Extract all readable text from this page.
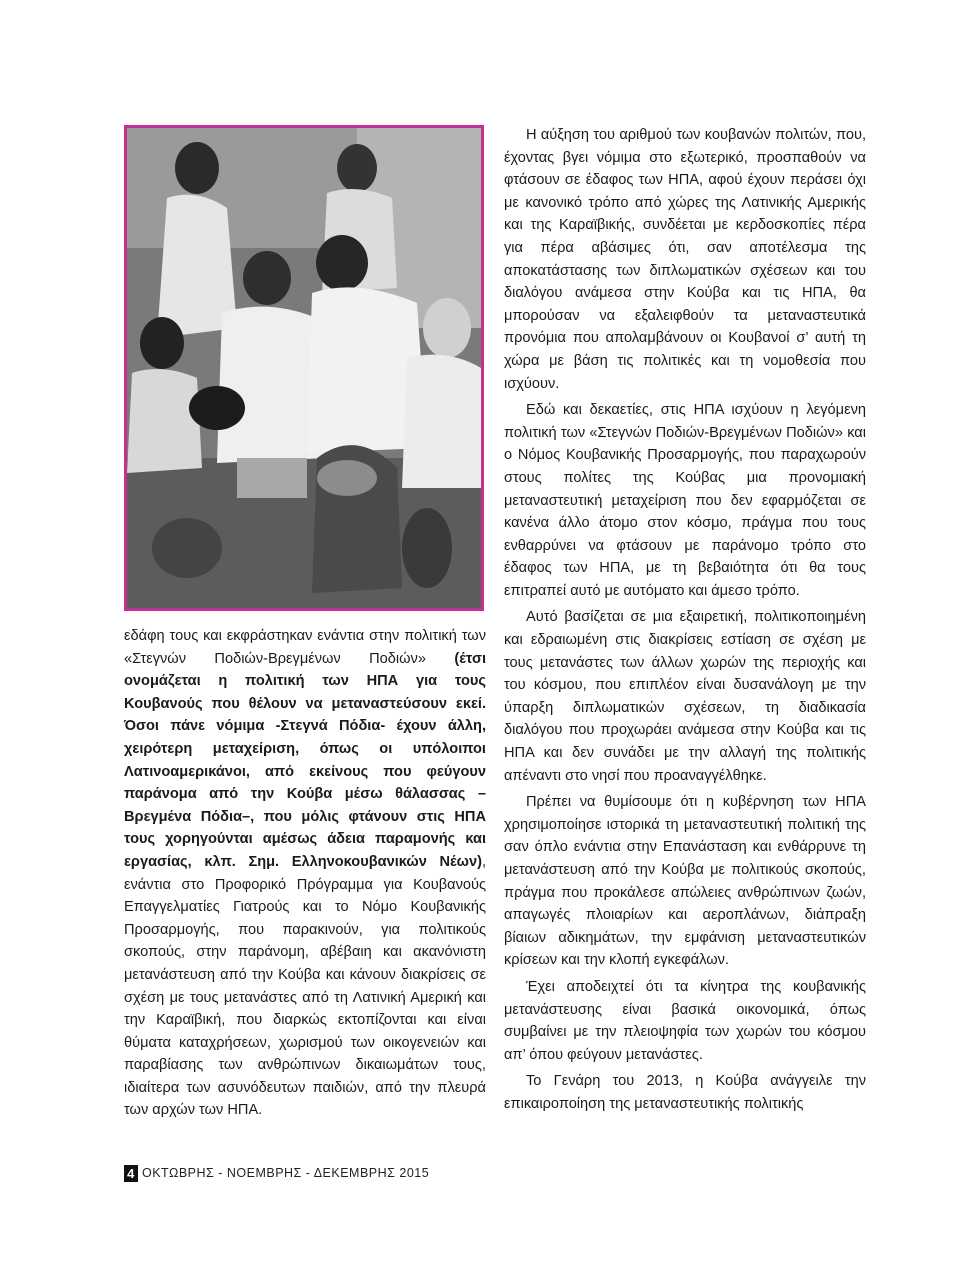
εδάφη τους και εκφράστηκαν ενάντια στην πολιτική των «Στεγνών Ποδιών-Βρεγμένων Ποδιών» (έτσι ονομάζεται η πολιτική των ΗΠΑ για τους Κουβανούς που θέλουν να μεταναστεύσουν εκεί. Όσοι πάνε νόμιμα -Στεγνά Πόδια- έχουν άλλη, χειρότερη μεταχείριση, όπως οι υπόλοιποι Λατινοαμερικάνοι, από εκείνους που φεύγουν παράνομα από την Κούβα μέσω θάλασσας –Βρεγμένα Πόδια–, που μόλις φτάνουν στις ΗΠΑ τους χορηγούνται αμέσως άδεια παραμονής και εργασίας, κλπ. Σημ. Ελληνοκουβανικών Νέων), ενάντια στο Προφορικό Πρόγραμμα για Κουβανούς Επαγγελματίες Γιατρούς και το Νόμο Κουβανικής Προσαρμογής, που παρακινούν, για πολιτικούς σκοπούς, στην παράνομη, αβέβαιη και ακανόνιστη μετανάστευση από την Κούβα και κάνουν διακρίσεις σε σχέση με τους μετανάστες από τη Λατινική Αμερική και την Καραϊβική, που διαρκώς εκτοπίζονται και είναι θύματα καταχρήσεων, χωρισμού των οικογενειών και παραβίασης των ανθρώπινων δικαιωμάτων τους, ιδιαίτερα των ασυνόδευτων παιδιών, από την πλευρά των αρχών των ΗΠΑ.

Η αύξηση του αριθμού των κουβανών πολιτών, που, έχοντας βγει νόμιμα στο εξωτερικό, προσπαθούν να φτάσουν σε έδαφος των ΗΠΑ, αφού έχουν περάσει όχι με κανονικό τρόπο από χώρες της Λατινικής Αμερικής και της Καραϊβικής, συνδέεται με κερδοσκοπίες πέρα για πέρα αβάσιμες ότι, σαν αποτέλεσμα της αποκατάστασης των διπλωματικών σχέσεων και του διαλόγου ανάμεσα στην Κούβα και τις ΗΠΑ, θα μπορούσαν να εξαλειφθούν τα μεταναστευτικά προνόμια που απολαμβάνουν οι Κουβανοί σ’ αυτή τη χώρα με βάση τις πολιτικές και τη νομοθεσία που ισχύουν.

Εδώ και δεκαετίες, στις ΗΠΑ ισχύουν η λεγόμενη πολιτική των «Στεγνών Ποδιών-Βρεγμένων Ποδιών» και ο Νόμος Κουβανικής Προσαρμογής, που παραχωρούν στους πολίτες της Κούβας μια προνομιακή μεταναστευτική μεταχείριση που δεν εφαρμόζεται σε κανένα άλλο άτομο στον κόσμο, πράγμα που τους ενθαρρύνει να φτάσουν με παράνομο τρόπο στο έδαφος των ΗΠΑ, με τη βεβαιότητα ότι θα τους επιτραπεί αυτό με αυτόματο και άμεσο τρόπο.

Αυτό βασίζεται σε μια εξαιρετική, πολιτικοποιημένη και εδραιωμένη στις διακρίσεις εστίαση σε σχέση με τους μετανάστες των άλλων χωρών της περιοχής και του κόσμου, που επιπλέον είναι δυσανάλογη με την ύπαρξη διπλωματικών σχέσεων, τη διαδικασία διαλόγου που προχωράει ανάμεσα στην Κούβα και τις ΗΠΑ και δεν συνάδει με την αλλαγή της πολιτικής απέναντι στο νησί που προαναγγέλθηκε.

Πρέπει να θυμίσουμε ότι η κυβέρνηση των ΗΠΑ χρησιμοποίησε ιστορικά τη μεταναστευτική πολιτική της σαν όπλο ενάντια στην Επανάσταση και ενθάρρυνε τη μετανάστευση από την Κούβα με πολιτικούς σκοπούς, πράγμα που προκάλεσε απώλειες ανθρώπινων ζωών, απαγωγές πλοιαρίων και αεροπλάνων, διάπραξη βίαιων αδικημάτων, την εμφάνιση μεταναστευτικών κρίσεων και την κλοπή εγκεφάλων.

Έχει αποδειχτεί ότι τα κίνητρα της κουβανικής μετανάστευσης είναι βασικά οικονομικά, όπως συμβαίνει με την πλειοψηφία των χωρών του κόσμου απ’ όπου φεύγουν μετανάστες.

Το Γενάρη του 2013, η Κούβα ανάγγειλε την επικαιροποίηση της μεταναστευτικής πολιτικής

4 ΟΚΤΩΒΡΗΣ - ΝΟΕΜΒΡΗΣ - ΔΕΚΕΜΒΡΗΣ 2015
